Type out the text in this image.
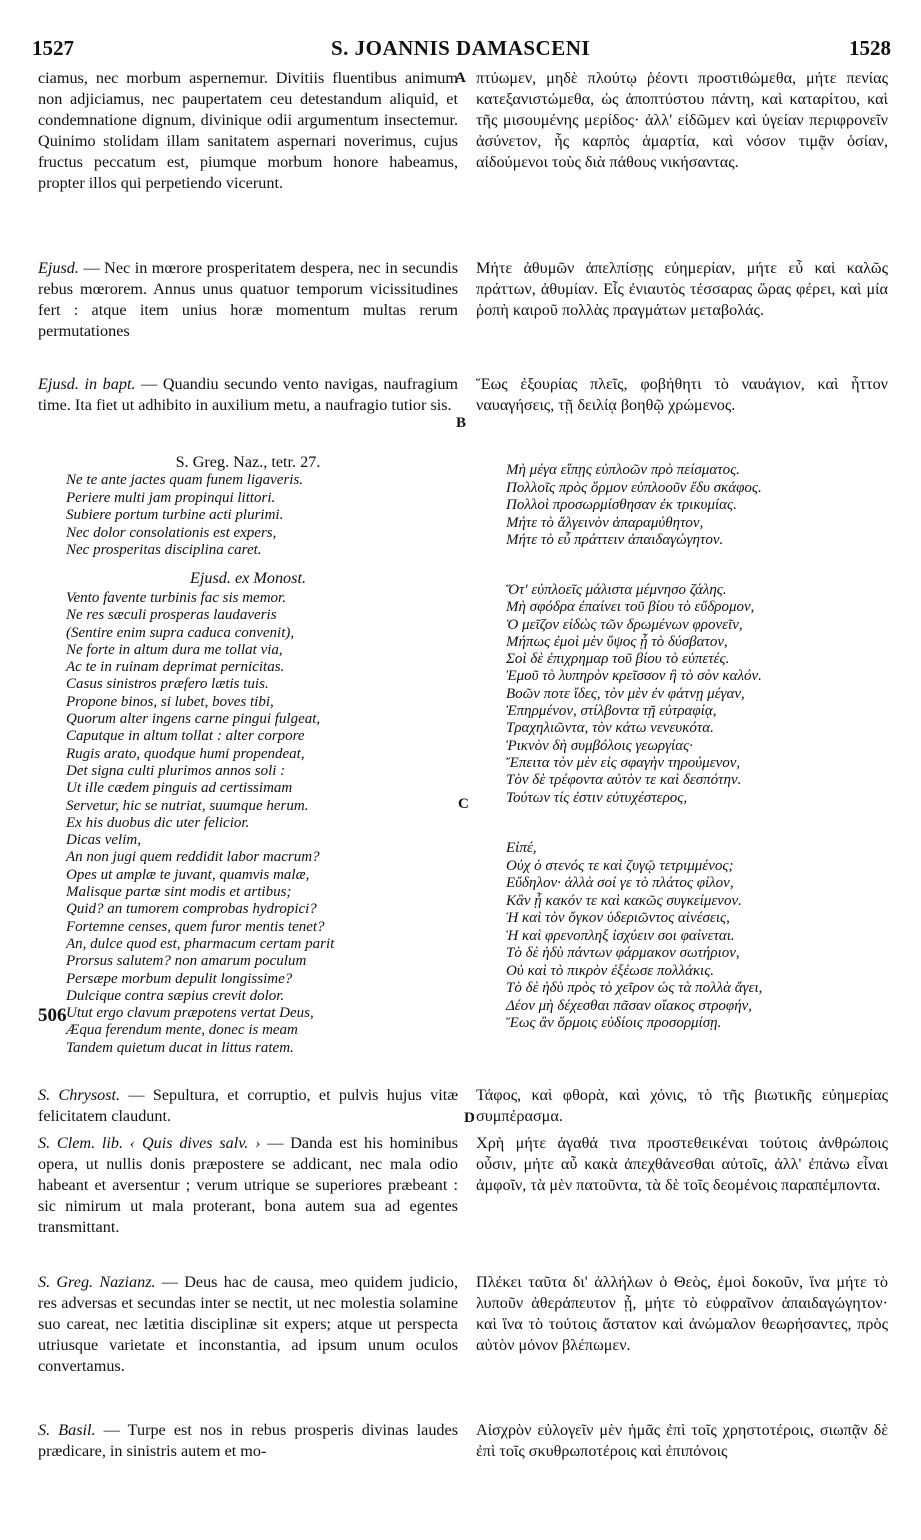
1527	S. JOANNIS DAMASCENI	1528
A
B
C
D
506

ciamus, nec morbum aspernemur. Divitiis fluentibus animum non adjiciamus, nec paupertatem ceu detestandum aliquid, et condemnatione dignum, divinique odii argumentum insectemur. Quinimo stolidam illam sanitatem aspernari noverimus, cujus fructus peccatum est, piumque morbum honore habeamus, propter illos qui perpetiendo vicerunt.

Ejusd. — Nec in mœrore prosperitatem despera, nec in secundis rebus mœrorem. Annus unus quatuor temporum vicissitudines fert : atque item unius horæ momentum multas rerum permutationes

Ejusd. in bapt. — Quandiu secundo vento navigas, naufragium time. Ita fiet ut adhibito in auxilium metu, a naufragio tutior sis.

S. Greg. Naz., tetr. 27.

Ne te ante jactes quam funem ligaveris.
Periere multi jam propinqui littori.
Subiere portum turbine acti plurimi.
Nec dolor consolationis est expers,
Nec prosperitas disciplina caret.

Ejusd. ex Monost.

Vento favente turbinis fac sis memor.
Ne res sæculi prosperas laudaveris
(Sentire enim supra caduca convenit),
Ne forte in altum dura me tollat via,
Ac te in ruinam deprimat pernicitas.
Casus sinistros præfero lætis tuis.
Propone binos, si lubet, boves tibi,
Quorum alter ingens carne pingui fulgeat,
Caputque in altum tollat : alter corpore
Rugis arato, quodque humi propendeat,
Det signa culti plurimos annos soli :
Ut ille cædem pinguis ad certissimam
Servetur, hic se nutriat, suumque herum.
Ex his duobus dic uter felicior.
Dicas velim,
An non jugi quem reddidit labor macrum?
Opes ut amplæ te juvant, quamvis malæ,
Malisque partæ sint modis et artibus;
Quid? an tumorem comprobas hydropici?
Fortemne censes, quem furor mentis tenet?
An, dulce quod est, pharmacum certam parit
Prorsus salutem? non amarum poculum
Persæpe morbum depulit longissime?
Dulcique contra sæpius crevit dolor.
Utut ergo clavum præpotens vertat Deus,
Æqua ferendum mente, donec is meam
Tandem quietum ducat in littus ratem.

S. Chrysost. — Sepultura, et corruptio, et pulvis hujus vitæ felicitatem claudunt.

S. Clem. lib. ‹ Quis dives salv. › — Danda est his hominibus opera, ut nullis donis præpostere se addicant, nec mala odio habeant et aversentur ; verum utrique se superiores præbeant : sic nimirum ut mala proterant, bona autem sua ad egentes transmittant.

S. Greg. Nazianz. — Deus hac de causa, meo quidem judicio, res adversas et secundas inter se nectit, ut nec molestia solamine suo careat, nec lætitia disciplinæ sit expers; atque ut perspecta utriusque varietate et inconstantia, ad ipsum unum oculos convertamus.

S. Basil. — Turpe est nos in rebus prosperis divinas laudes prædicare, in sinistris autem et mo-

πτύωμεν, μηδὲ πλούτῳ ῥέοντι προστιθώμεθα, μήτε πενίας κατεξανιστώμεθα, ὡς ἀποπτύστου πάντη, καὶ καταρίτου, καὶ τῆς μισουμένης μερίδος· ἀλλ' εἰδῶμεν καὶ ὑγείαν περιφρονεῖν ἀσύνετον, ἧς καρπὸς ἁμαρτία, καὶ νόσον τιμᾷν ὁσίαν, αἰδούμενοι τοὺς διὰ πάθους νικήσαντας.

Μήτε ἀθυμῶν ἀπελπίσῃς εὐημερίαν, μήτε εὖ καὶ καλῶς πράττων, ἀθυμίαν. Εἷς ἐνιαυτὸς τέσσαρας ὥρας φέρει, καὶ μία ῥοπὴ καιροῦ πολλὰς πραγμάτων μεταβολάς.

Ἕως ἐξουρίας πλεῖς, φοβήθητι τὸ ναυάγιον, καὶ ἧττον ναυαγήσεις, τῇ δειλίᾳ βοηθῷ χρώμενος.

Μὴ μέγα εἴπῃς εὐπλοῶν πρὸ πείσματος.
Πολλοῖς πρὸς ὅρμον εὐπλοοῦν ἔδυ σκάφος.
Πολλοὶ προσωρμίσθησαν ἐκ τρικυμίας.
Μήτε τὸ ἄλγεινὸν ἀπαραμύθητον,
Μήτε τὸ εὖ πράττειν ἀπαιδαγώγητον.

Ὅτ' εὐπλοεῖς μάλιστα μέμνησο ζάλης.
Μὴ σφόδρα ἐπαίνει τοῦ βίου τὸ εὔδρομον,
Ὁ μεῖζον εἰδὼς τῶν δρωμένων φρονεῖν,
Μήπως ἐμοὶ μὲν ὕψος ᾖ τὸ δύσβατον,
Σοὶ δὲ ἐπιχρημαρ τοῦ βίου τὸ εὐπετές.
Ἐμοῦ τὸ λυπηρὸν κρεῖσσον ἢ τὸ σὸν καλόν.
Βοῶν ποτε ἴδες, τὸν μὲν ἐν φάτνῃ μέγαν,
Ἐπηρμένον, στίλβοντα τῇ εὐτραφίᾳ,
Τραχηλιῶντα, τὸν κάτω νενευκότα.
Ῥικνὸν δὴ συμβόλοις γεωργίας·
Ἔπειτα τὸν μὲν εἰς σφαγὴν τηρούμενον,
Τὸν δὲ τρέφοντα αὐτὸν τε καὶ δεσπότην.
Τούτων τίς ἐστιν εὐτυχέστερος,

Εἰπέ,
Οὐχ ὁ στενός τε καὶ ζυγῷ τετριμμένος;
Εὔδηλον· ἀλλὰ σοί γε τὸ πλάτος φίλον,
Κἂν ᾖ κακόν τε καὶ κακῶς συγκείμενον.
Ἡ καὶ τὸν ὄγκον ὑδεριῶντος αἰνέσεις,
Ἡ καὶ φρενοπληξ ἰσχύειν σοι φαίνεται.
Τὸ δὲ ἡδὺ πάντων φάρμακον σωτήριον,
Οὐ καὶ τὸ πικρὸν ἐξέωσε πολλάκις.
Τὸ δὲ ἡδὺ πρὸς τὸ χεῖρον ὡς τὰ πολλὰ ἄγει,
Δέον μὴ δέχεσθαι πᾶσαν οἴακος στροφήν,
Ἕως ἂν ὅρμοις εὐδίοις προσορμίσῃ.

Τάφος, καὶ φθορὰ, καὶ χόνις, τὸ τῆς βιωτικῆς εὐημερίας συμπέρασμα.

Χρὴ μήτε ἀγαθά τινα προστεθεικέναι τούτοις ἀνθρώποις οὖσιν, μήτε αὖ κακὰ ἀπεχθάνεσθαι αὐτοῖς, ἀλλ' ἐπάνω εἶναι ἀμφοῖν, τὰ μὲν πατοῦντα, τὰ δὲ τοῖς δεομένοις παραπέμποντα.

Πλέκει ταῦτα δι' ἀλλήλων ὁ Θεὸς, ἐμοὶ δοκοῦν, ἵνα μήτε τὸ λυποῦν ἀθεράπευτον ᾖ, μήτε τὸ εὐφραῖνον ἀπαιδαγώγητον· καὶ ἵνα τὸ τούτοις ἄστατον καὶ ἀνώμαλον θεωρήσαντες, πρὸς αὐτὸν μόνον βλέπωμεν.

Αἰσχρὸν εὐλογεῖν μὲν ἡμᾶς ἐπὶ τοῖς χρηστοτέροις, σιωπᾷν δὲ ἐπὶ τοῖς σκυθρωποτέροις καὶ ἐπιπόνοις
